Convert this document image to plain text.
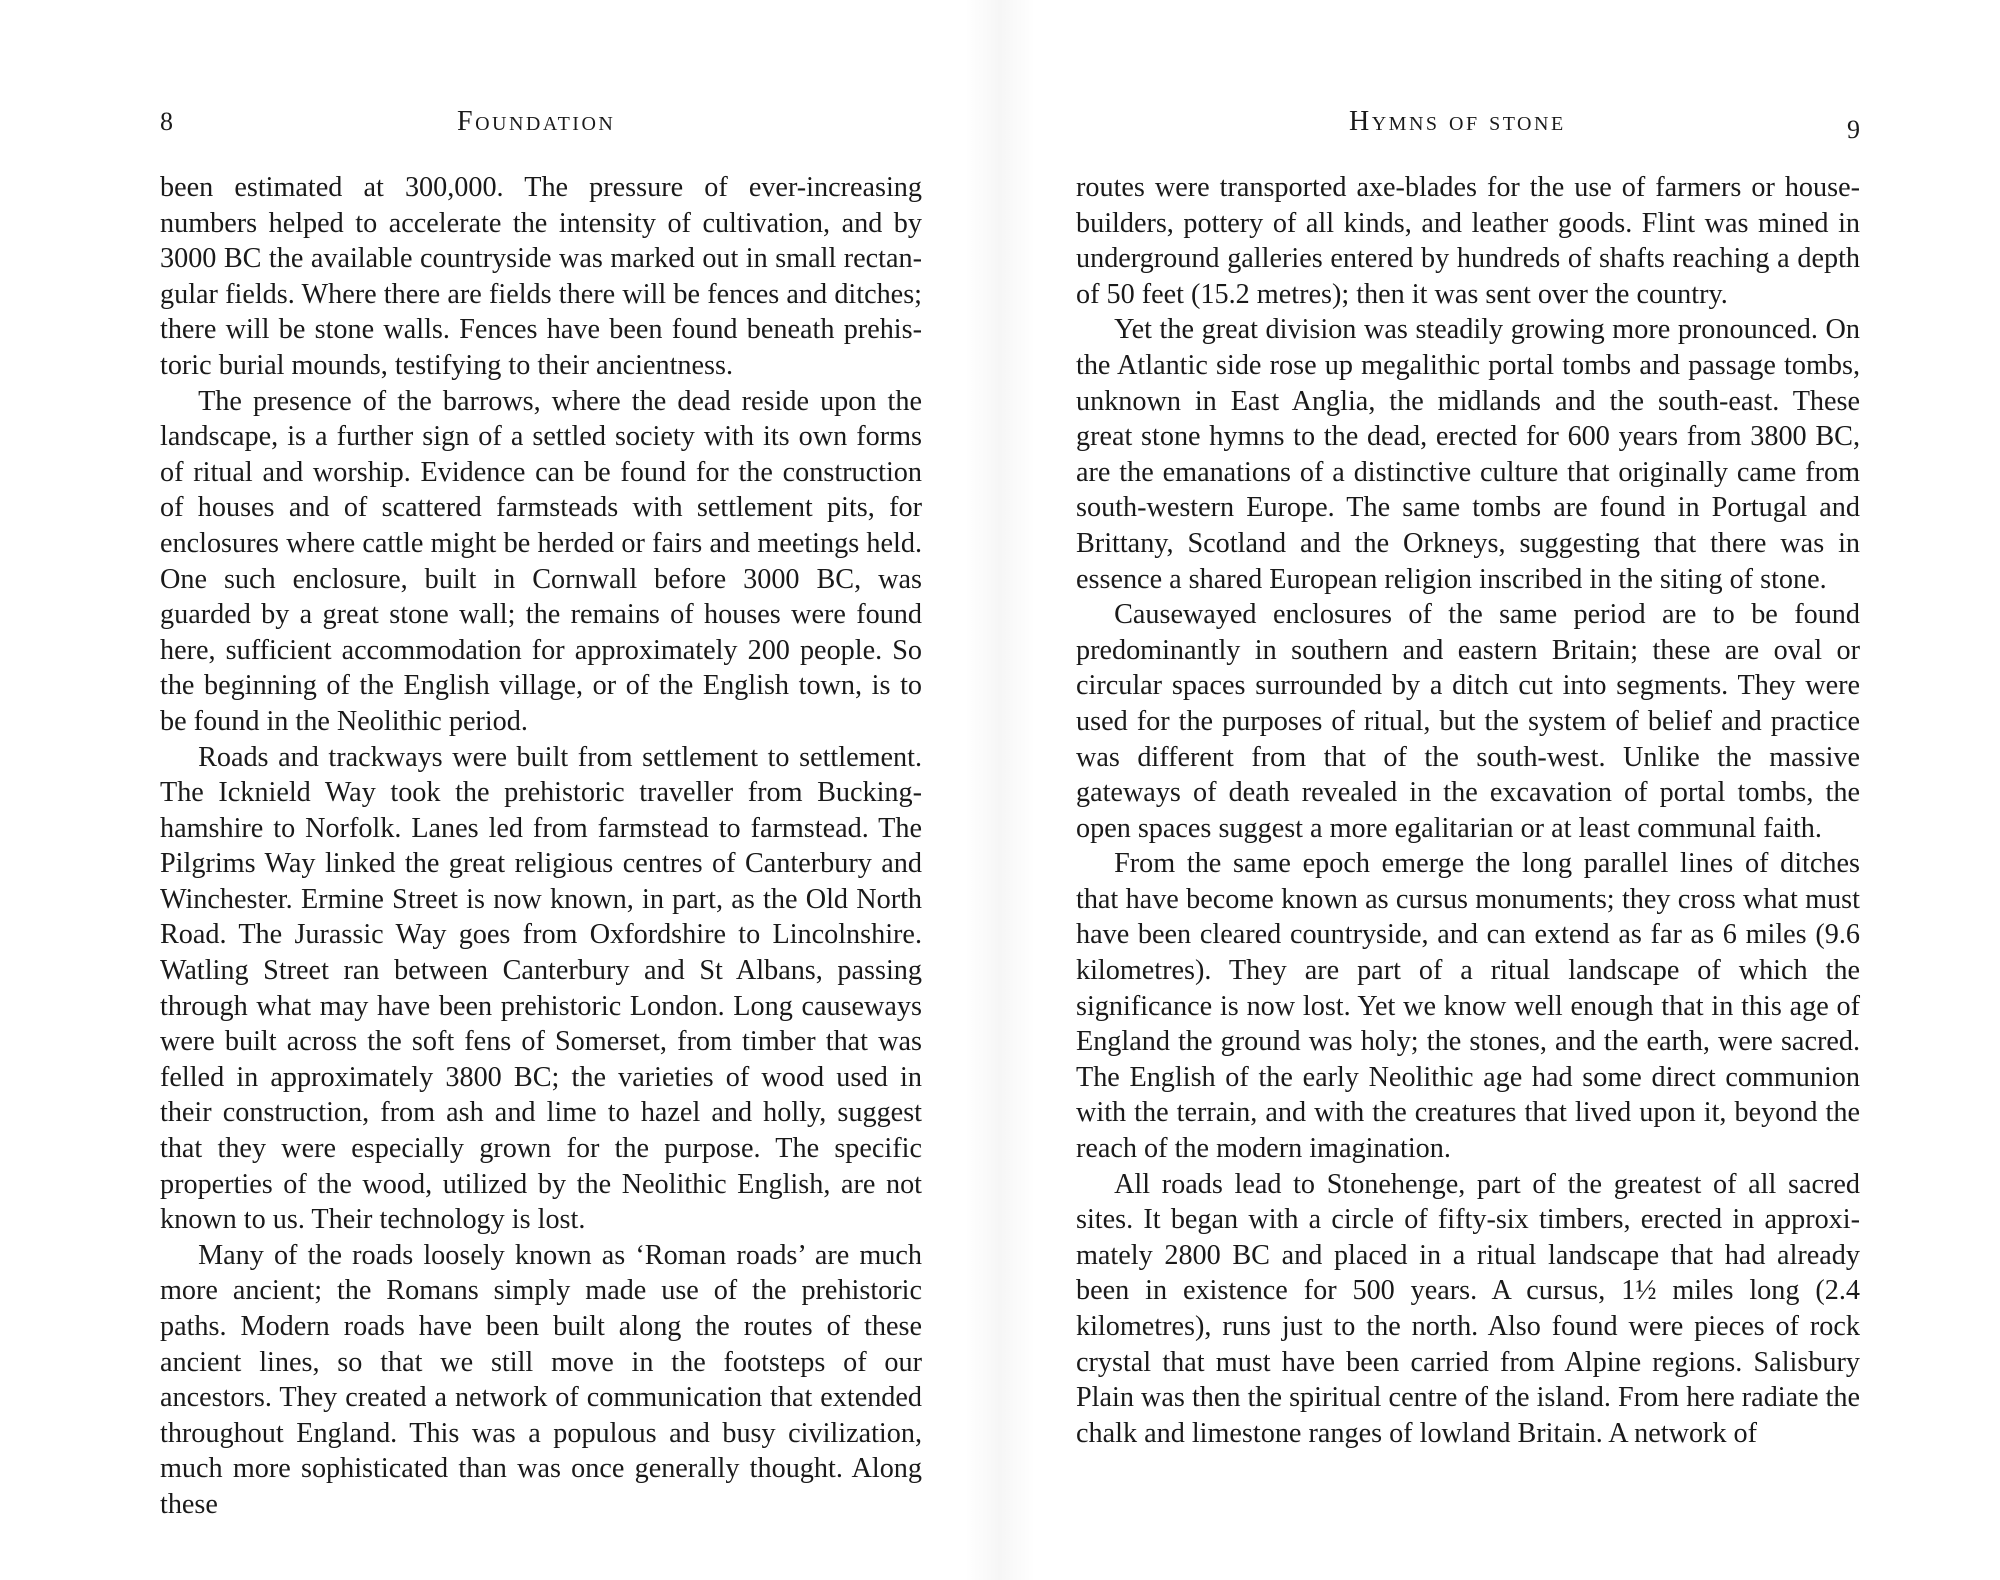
8	Foundation

been estimated at 300,000. The pressure of ever-increasing numbers helped to accelerate the intensity of cultivation, and by 3000 BC the available countryside was marked out in small rectangular fields. Where there are fields there will be fences and ditches; there will be stone walls. Fences have been found beneath prehistoric burial mounds, testifying to their ancientness.

The presence of the barrows, where the dead reside upon the landscape, is a further sign of a settled society with its own forms of ritual and worship. Evidence can be found for the construction of houses and of scattered farmsteads with settlement pits, for enclosures where cattle might be herded or fairs and meetings held. One such enclosure, built in Cornwall before 3000 BC, was guarded by a great stone wall; the remains of houses were found here, sufficient accommodation for approximately 200 people. So the beginning of the English village, or of the English town, is to be found in the Neolithic period.

Roads and trackways were built from settlement to settlement. The Icknield Way took the prehistoric traveller from Buckinghamshire to Norfolk. Lanes led from farmstead to farmstead. The Pilgrims Way linked the great religious centres of Canterbury and Winchester. Ermine Street is now known, in part, as the Old North Road. The Jurassic Way goes from Oxfordshire to Lincolnshire. Watling Street ran between Canterbury and St Albans, passing through what may have been prehistoric London. Long causeways were built across the soft fens of Somerset, from timber that was felled in approximately 3800 BC; the varieties of wood used in their construction, from ash and lime to hazel and holly, suggest that they were especially grown for the purpose. The specific properties of the wood, utilized by the Neolithic English, are not known to us. Their technology is lost.

Many of the roads loosely known as ‘Roman roads’ are much more ancient; the Romans simply made use of the prehistoric paths. Modern roads have been built along the routes of these ancient lines, so that we still move in the footsteps of our ancestors. They created a network of communication that extended throughout England. This was a populous and busy civilization, much more sophisticated than was once generally thought. Along these

Hymns of stone	9

routes were transported axe-blades for the use of farmers or housebuilders, pottery of all kinds, and leather goods. Flint was mined in underground galleries entered by hundreds of shafts reaching a depth of 50 feet (15.2 metres); then it was sent over the country.

Yet the great division was steadily growing more pronounced. On the Atlantic side rose up megalithic portal tombs and passage tombs, unknown in East Anglia, the midlands and the south-east. These great stone hymns to the dead, erected for 600 years from 3800 BC, are the emanations of a distinctive culture that originally came from south-western Europe. The same tombs are found in Portugal and Brittany, Scotland and the Orkneys, suggesting that there was in essence a shared European religion inscribed in the siting of stone.

Causewayed enclosures of the same period are to be found predominantly in southern and eastern Britain; these are oval or circular spaces surrounded by a ditch cut into segments. They were used for the purposes of ritual, but the system of belief and practice was different from that of the south-west. Unlike the massive gateways of death revealed in the excavation of portal tombs, the open spaces suggest a more egalitarian or at least communal faith.

From the same epoch emerge the long parallel lines of ditches that have become known as cursus monuments; they cross what must have been cleared countryside, and can extend as far as 6 miles (9.6 kilometres). They are part of a ritual landscape of which the significance is now lost. Yet we know well enough that in this age of England the ground was holy; the stones, and the earth, were sacred. The English of the early Neolithic age had some direct communion with the terrain, and with the creatures that lived upon it, beyond the reach of the modern imagination.

All roads lead to Stonehenge, part of the greatest of all sacred sites. It began with a circle of fifty-six timbers, erected in approximately 2800 BC and placed in a ritual landscape that had already been in existence for 500 years. A cursus, 1½ miles long (2.4 kilometres), runs just to the north. Also found were pieces of rock crystal that must have been carried from Alpine regions. Salisbury Plain was then the spiritual centre of the island. From here radiate the chalk and limestone ranges of lowland Britain. A network of
